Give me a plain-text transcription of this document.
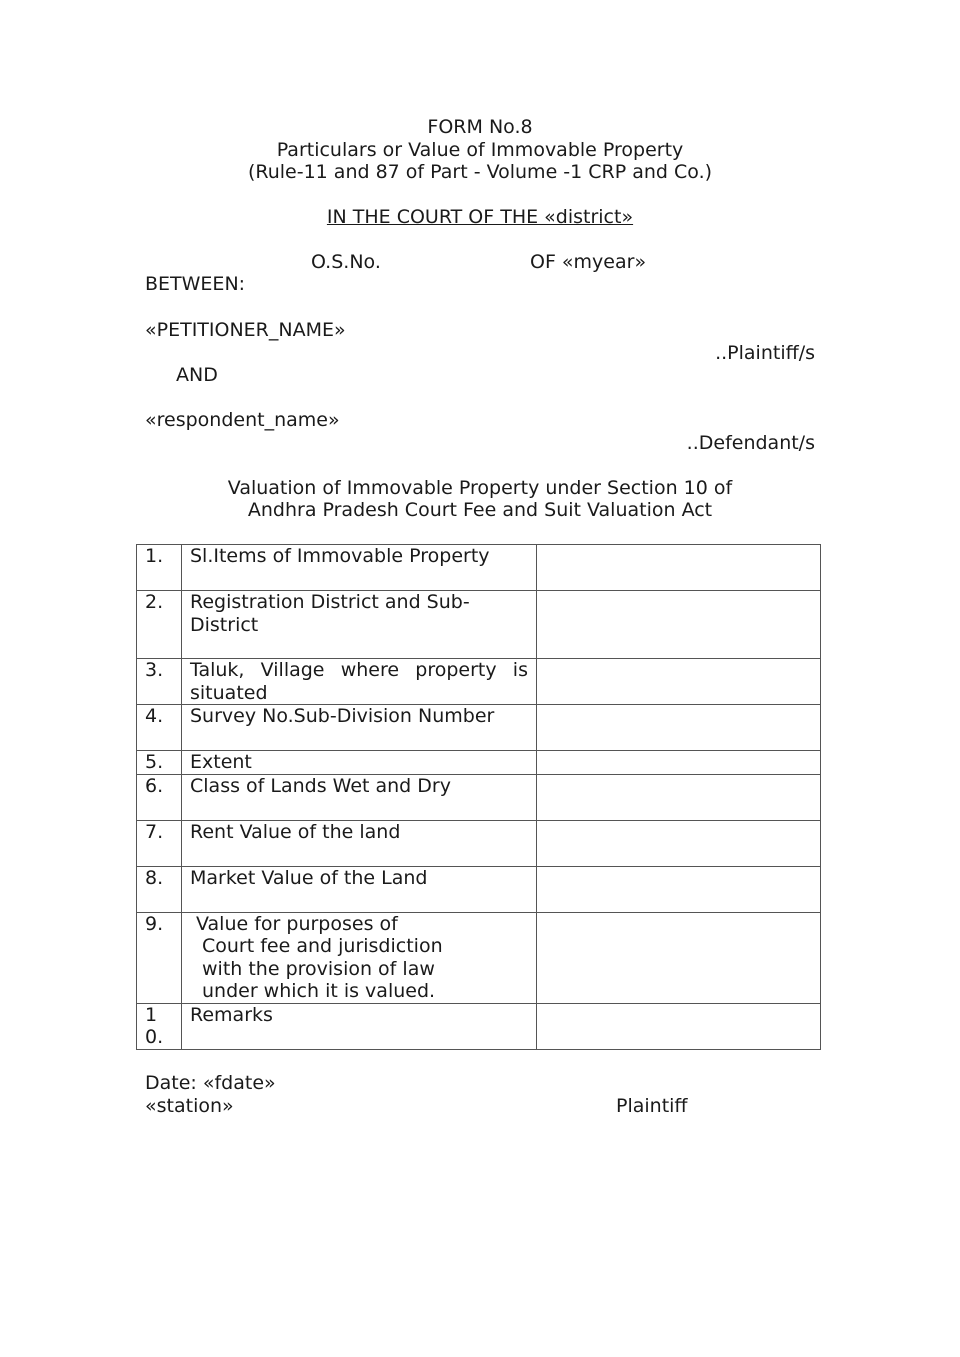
FORM No.8
Particulars or Value of Immovable Property
(Rule-11 and 87 of Part - Volume -1 CRP and Co.)
IN THE COURT OF THE «district»
O.S.No.	OF «myear»
BETWEEN:
«PETITIONER_NAME»
..Plaintiff/s
AND
«respondent_name»
..Defendant/s
Valuation of Immovable Property under Section 10 of
Andhra Pradesh Court Fee and Suit Valuation Act
1.	Sl.Items of Immovable Property	
2.	Registration District and Sub-District	
3.	Taluk, Village where property is situated	
4.	Survey No.Sub-Division Number	
5.	Extent	
6.	Class of Lands Wet and Dry	
7.	Rent Value of the land	
8.	Market Value of the Land	
9.	Value for purposes of
Court fee and jurisdiction
with the provision of law
under which it is valued.	

10.	Remarks	
Date: «fdate»
«station»	Plaintiff
